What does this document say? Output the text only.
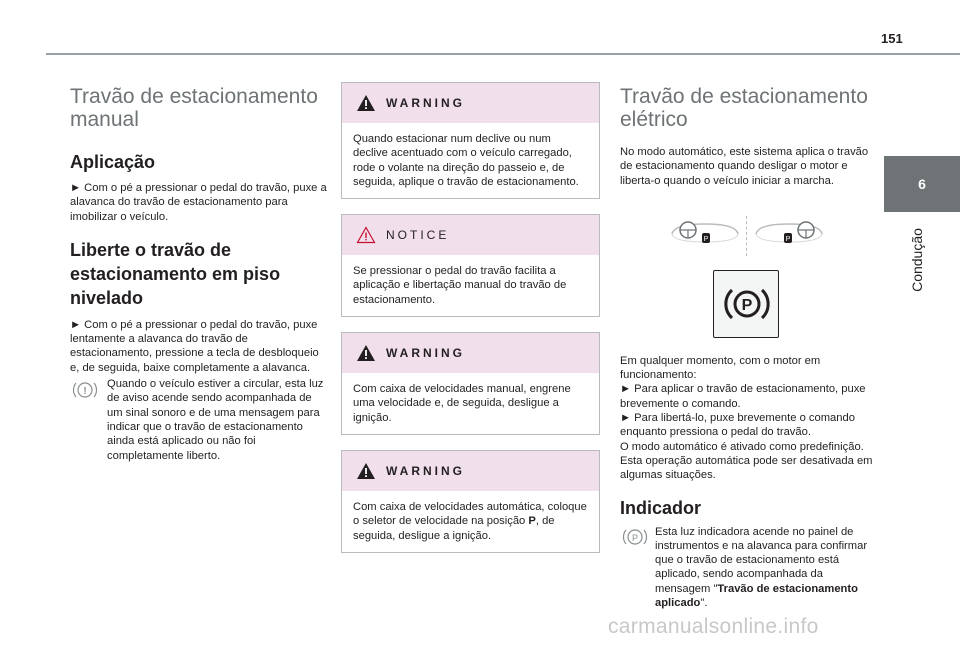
151
6
Condução
Travão de estacionamento manual
Aplicação

► Com o pé a pressionar o pedal do travão, puxe a alavanca do travão de estacionamento para imobilizar o veículo.

Liberte o travão de estacionamento em piso nivelado

► Com o pé a pressionar o pedal do travão, puxe lentamente a alavanca do travão de estacionamento, pressione a tecla de desbloqueio e, de seguida, baixe completamente a alavanca.

!
Quando o veículo estiver a circular, esta luz de aviso acende sendo acompanhada de um sinal sonoro e de uma mensagem para indicar que o travão de estacionamento ainda está aplicado ou não foi completamente liberto.
WARNING
Quando estacionar num declive ou num declive acentuado com o veículo carregado, rode o volante na direção do passeio e, de seguida, aplique o travão de estacionamento.
NOTICE
Se pressionar o pedal do travão facilita a aplicação e libertação manual do travão de estacionamento.
WARNING
Com caixa de velocidades manual, engrene uma velocidade e, de seguida, desligue a ignição.
WARNING
Com caixa de velocidades automática, coloque o seletor de velocidade na posição P, de seguida, desligue a ignição.
Travão de estacionamento elétrico

No modo automático, este sistema aplica o travão de estacionamento quando desligar o motor e liberta-o quando o veículo iniciar a marcha.

P	P
P

Em qualquer momento, com o motor em funcionamento:

► Para aplicar o travão de estacionamento, puxe brevemente o comando.

► Para libertá-lo, puxe brevemente o comando enquanto pressiona o pedal do travão.

O modo automático é ativado como predefinição. Esta operação automática pode ser desativada em algumas situações.

Indicador
P Esta luz indicadora acende no painel de instrumentos e na alavanca para confirmar que o travão de estacionamento está aplicado, sendo acompanhada da mensagem "Travão de estacionamento aplicado".
carmanualsonline.info
